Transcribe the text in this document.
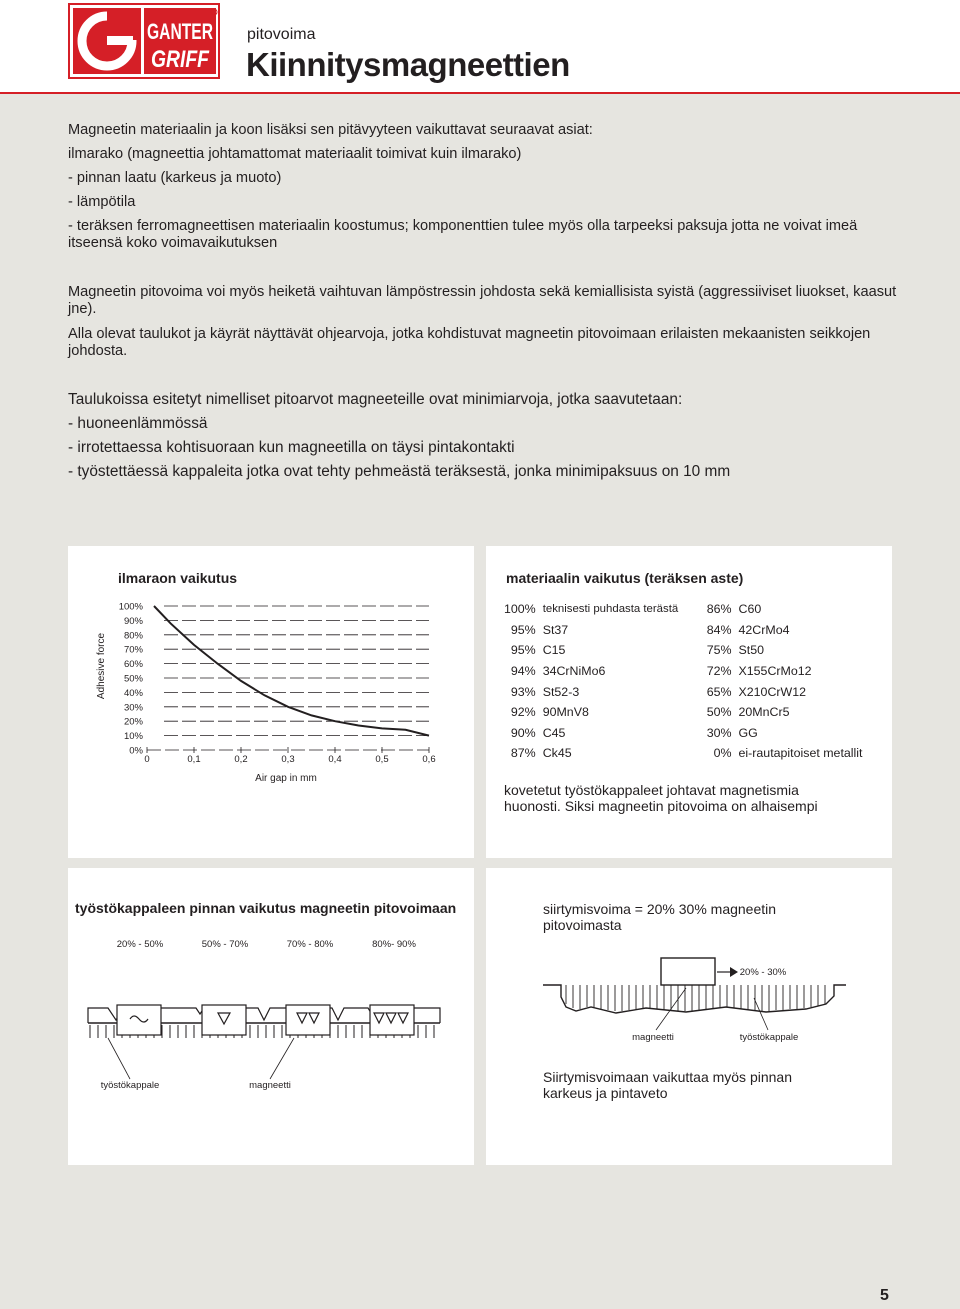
GANTER
GRIFF
pitovoima
Kiinnitysmagneettien
Magneetin materiaalin ja koon lisäksi sen pitävyyteen vaikuttavat seuraavat asiat:
ilmarako (magneettia johtamattomat materiaalit toimivat kuin ilmarako)
- pinnan laatu (karkeus ja muoto)
- lämpötila
- teräksen ferromagneettisen materiaalin koostumus; komponenttien tulee myös olla tarpeeksi paksuja jotta ne voivat imeä itseensä koko voimavaikutuksen
Magneetin pitovoima voi myös heiketä vaihtuvan lämpöstressin johdosta sekä kemiallisista syistä (aggressiiviset liuokset, kaasut jne).
Alla olevat taulukot ja käyrät näyttävät ohjearvoja, jotka kohdistuvat magneetin pitovoimaan erilaisten mekaanisten seikkojen johdosta.
Taulukoissa esitetyt nimelliset pitoarvot magneeteille ovat minimiarvoja, jotka saavutetaan:
- huoneenlämmössä
- irrotettaessa kohtisuoraan kun magneetilla on täysi pintakontakti
- työstettäessä kappaleita jotka ovat tehty pehmeästä teräksestä, jonka minimipaksuus on 10 mm
ilmaraon vaikutus
Adhesive force
Air gap in mm
0%
10%
20%
30%
40%
50%
60%
70%
80%
90%
100%
0	0,1	0,2	0,3	0,4	0,5	0,6
materiaalin vaikutus (teräksen aste)
100%	teknisesti puhdasta terästä	86%	C60
95%	St37	84%	42CrMo4
95%	C15	75%	St50
94%	34CrNiMo6	72%	X155CrMo12
93%	St52-3	65%	X210CrW12
92%	90MnV8	50%	20MnCr5
90%	C45	30%	GG
87%	Ck45	0%	ei-rautapitoiset metallit
kovetetut työstökappaleet johtavat magnetismia huonosti. Siksi magneetin pitovoima on alhaisempi
työstökappaleen pinnan vaikutus magneetin pitovoimaan
20% - 50%	50% - 70%	70% - 80%	80%- 90%
työstökappale	magneetti
siirtymisvoima = 20% 30% magneetin pitovoimasta
20% - 30%
magneetti	työstökappale
Siirtymisvoimaan vaikuttaa myös pinnan karkeus ja pintaveto
5
